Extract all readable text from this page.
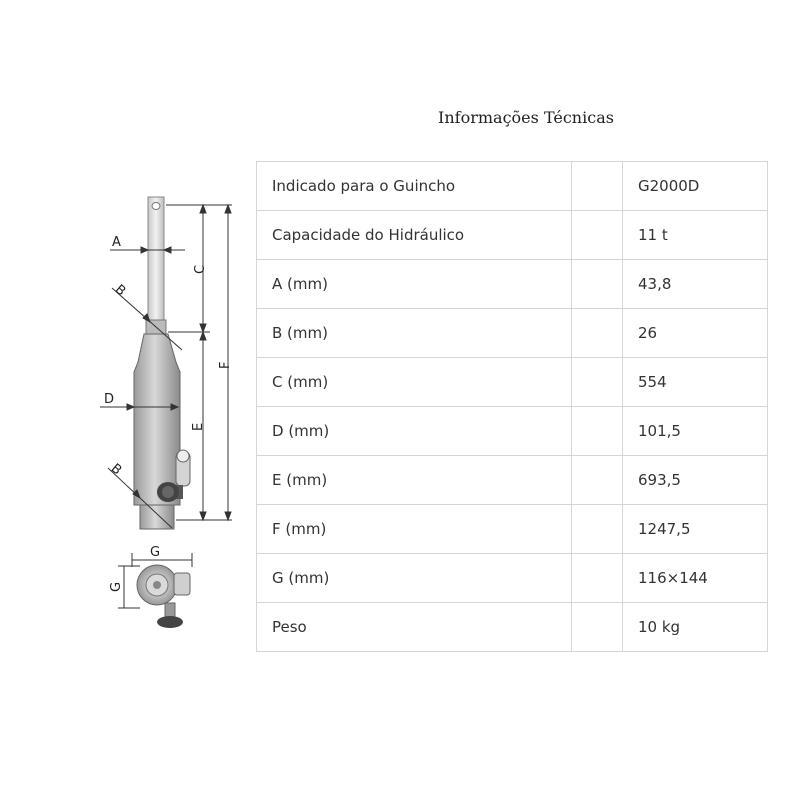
Informações Técnicas
A
B
C
F
D
E
B
G
G
Indicado para o Guincho		G2000D
Capacidade do Hidráulico		11 t
A (mm)		43,8
B (mm)		26
C (mm)		554
D (mm)		101,5
E (mm)		693,5
F (mm)		1247,5
G (mm)		116×144
Peso		10 kg
